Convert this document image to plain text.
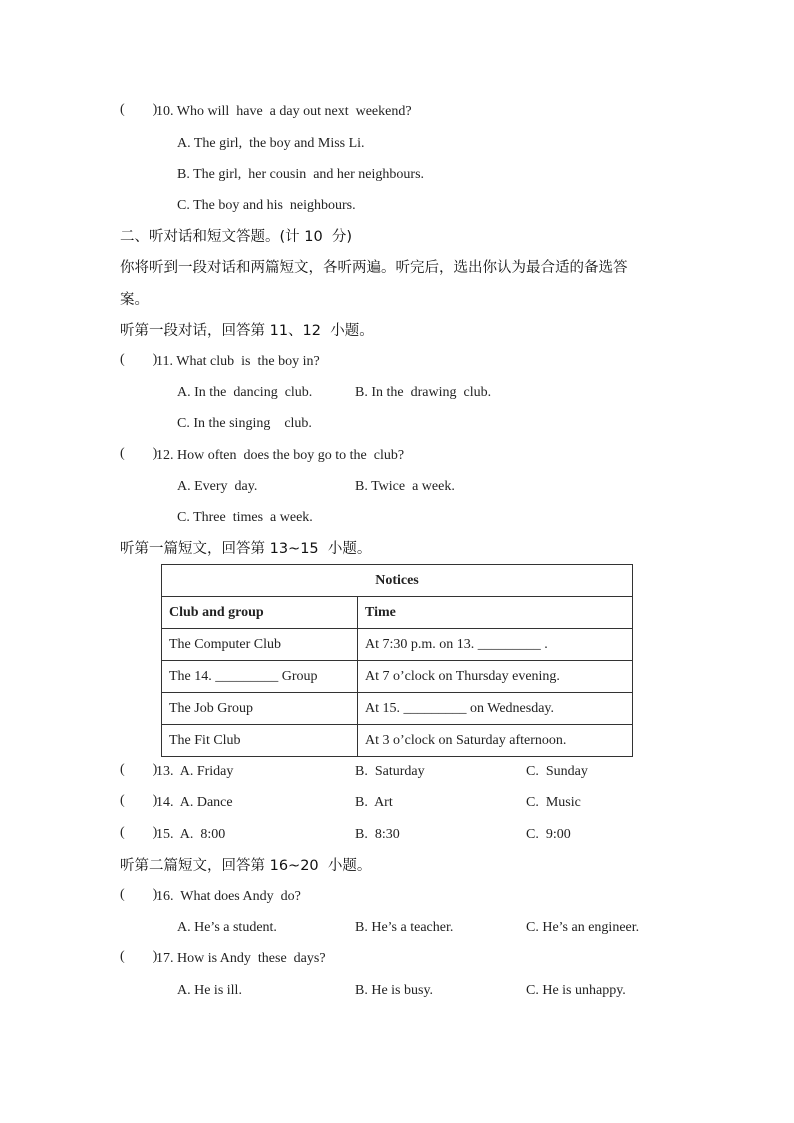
(        )
10. Who will  have  a day out next  weekend?
A. The girl,  the boy and Miss Li.
B. The girl,  her cousin  and her neighbours.
C. The boy and his  neighbours.
二、听对话和短文答题。(计 10  分)
你将听到一段对话和两篇短文，各听两遍。听完后，选出你认为最合适的备选答
案。
听第一段对话，回答第 11、12  小题。
(        )
11. What club  is  the boy in?
A. In the  dancing  club.	B. In the  drawing  club.
C. In the singing    club.
(        )
12. How often  does the boy go to the  club?
A. Every  day.	B. Twice  a week.
C. Three  times  a week.
听第一篇短文，回答第 13~15  小题。
Notices	
Club and group	Time
The Computer Club	At 7:30 p.m. on 13. _________ .
The 14. _________ Group	At 7 o’clock on Thursday evening.
The Job Group	At 15. _________ on Wednesday.
The Fit Club	At 3 o’clock on Saturday afternoon.
(        )
13.  A. Friday	B.  Saturday	C.  Sunday
(        )
14.  A. Dance	B.  Art	C.  Music
(        )
15.  A.  8:00	B.  8:30	C.  9:00
听第二篇短文，回答第 16~20  小题。
(        )
16.  What does Andy  do?
A. He’s a student.	B. He’s a teacher.	C. He’s an engineer.
(        )
17. How is Andy  these  days?
A. He is ill.	B. He is busy.	C. He is unhappy.
